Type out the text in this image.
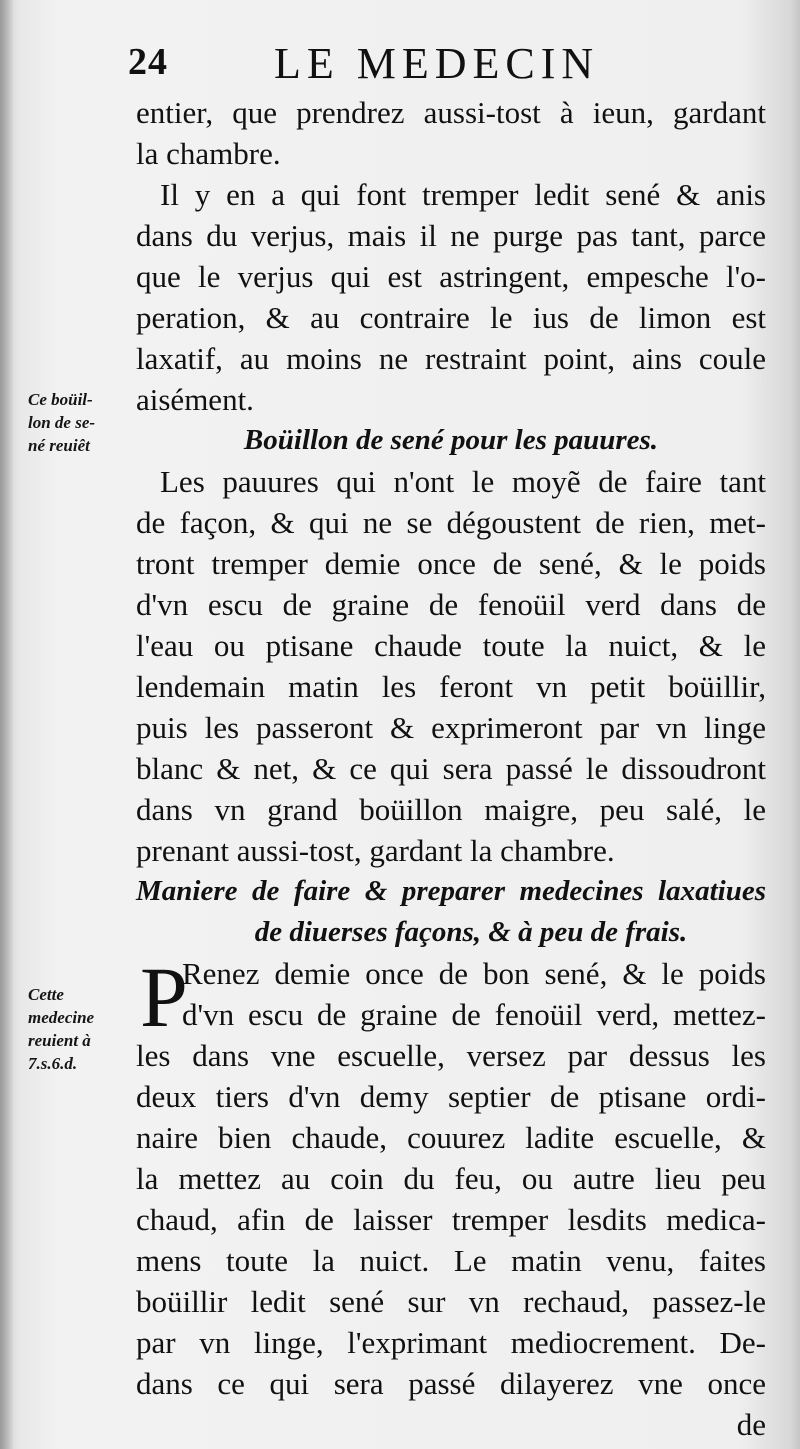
24 LE MEDECIN
Ce boüil-
lon de se-
né reuiêt
Cette
medecine
reuient à
7.s.6.d.
entier, que prendrez aussi-tost à ieun, gardant
la chambre.
Il y en a qui font tremper ledit sené & anis
dans du verjus, mais il ne purge pas tant, parce
que le verjus qui est astringent, empesche l'o-
peration, & au contraire le ius de limon est
laxatif, au moins ne restraint point, ains coule
aisément.
Boüillon de sené pour les pauures.
Les pauures qui n'ont le moyẽ de faire tant
de façon, & qui ne se dégoustent de rien, met-
tront tremper demie once de sené, & le poids
d'vn escu de graine de fenoüil verd dans de
l'eau ou ptisane chaude toute la nuict, & le
lendemain matin les feront vn petit boüillir,
puis les passeront & exprimeront par vn linge
blanc & net, & ce qui sera passé le dissoudront
dans vn grand boüillon maigre, peu salé, le
prenant aussi-tost, gardant la chambre.
Maniere de faire & preparer medecines laxatiues
de diuerses façons, & à peu de frais.
P
Renez demie once de bon sené, & le poids
d'vn escu de graine de fenoüil verd, mettez-
les dans vne escuelle, versez par dessus les
deux tiers d'vn demy septier de ptisane ordi-
naire bien chaude, couurez ladite escuelle, &
la mettez au coin du feu, ou autre lieu peu
chaud, afin de laisser tremper lesdits medica-
mens toute la nuict. Le matin venu, faites
boüillir ledit sené sur vn rechaud, passez-le
par vn linge, l'exprimant mediocrement. De-
dans ce qui sera passé dilayerez vne once
de
